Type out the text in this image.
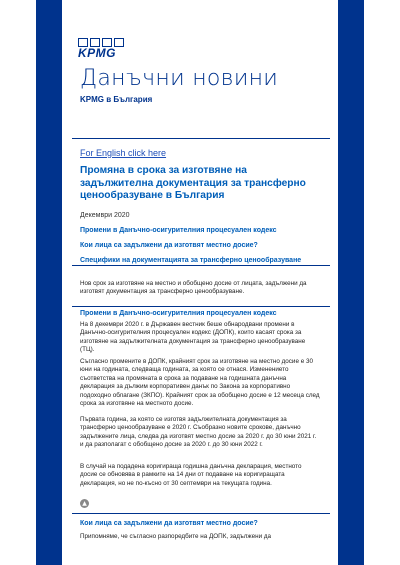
KPMG
Данъчни новини
KPMG в България
For English click here
Промяна в срока за изготвяне на задължителна документация за трансферно ценообразуване в България
Декември 2020
Промени в Данъчно-осигурителния процесуален кодекс
Кои лица са задължени да изготвят местно досие?
Специфики на документацията за трансферно ценообразуване
Нов срок за изготвяне на местно и обобщено досие от лицата, задължени да изготвят документация за трансферно ценообразуване.
Промени в Данъчно-осигурителния процесуален кодекс
На 8 декември 2020 г. в Държавен вестник беше обнародвани промени в Данъчно-осигурителния процесуален кодекс (ДОПК), които касаят срока за изготвяне на задължителната документация за трансферно ценообразуване (ТЦ).
Съгласно промените в ДОПК, крайният срок за изготвяне на местно досие е 30 юни на годината, следваща годината, за която се отнася. Изменението съответства на промяната в срока за подаване на годишната данъчна декларация за дължим корпоративен данък по Закона за корпоративно подоходно облагане (ЗКПО). Крайният срок за обобщено досие е 12 месеца след срока за изготвяне на местното досие.
Първата година, за която се изготвя задължителната документация за трансферно ценообразуване е 2020 г. Съобразно новите срокове, данъчно задължените лица, следва да изготвят местно досие за 2020 г. до 30 юни 2021 г. и да разполагат с обобщено досие за 2020 г. до 30 юни 2022 г.
В случай на подадена коригираща годишна данъчна декларация, местното досие се обновява в рамките на 14 дни от подаване на коригиращата декларация, но не по-късно от 30 септември на текущата година.
▲
Кои лица са задължени да изготвят местно досие?
Припомняме, че съгласно разпоредбите на ДОПК, задължени да
